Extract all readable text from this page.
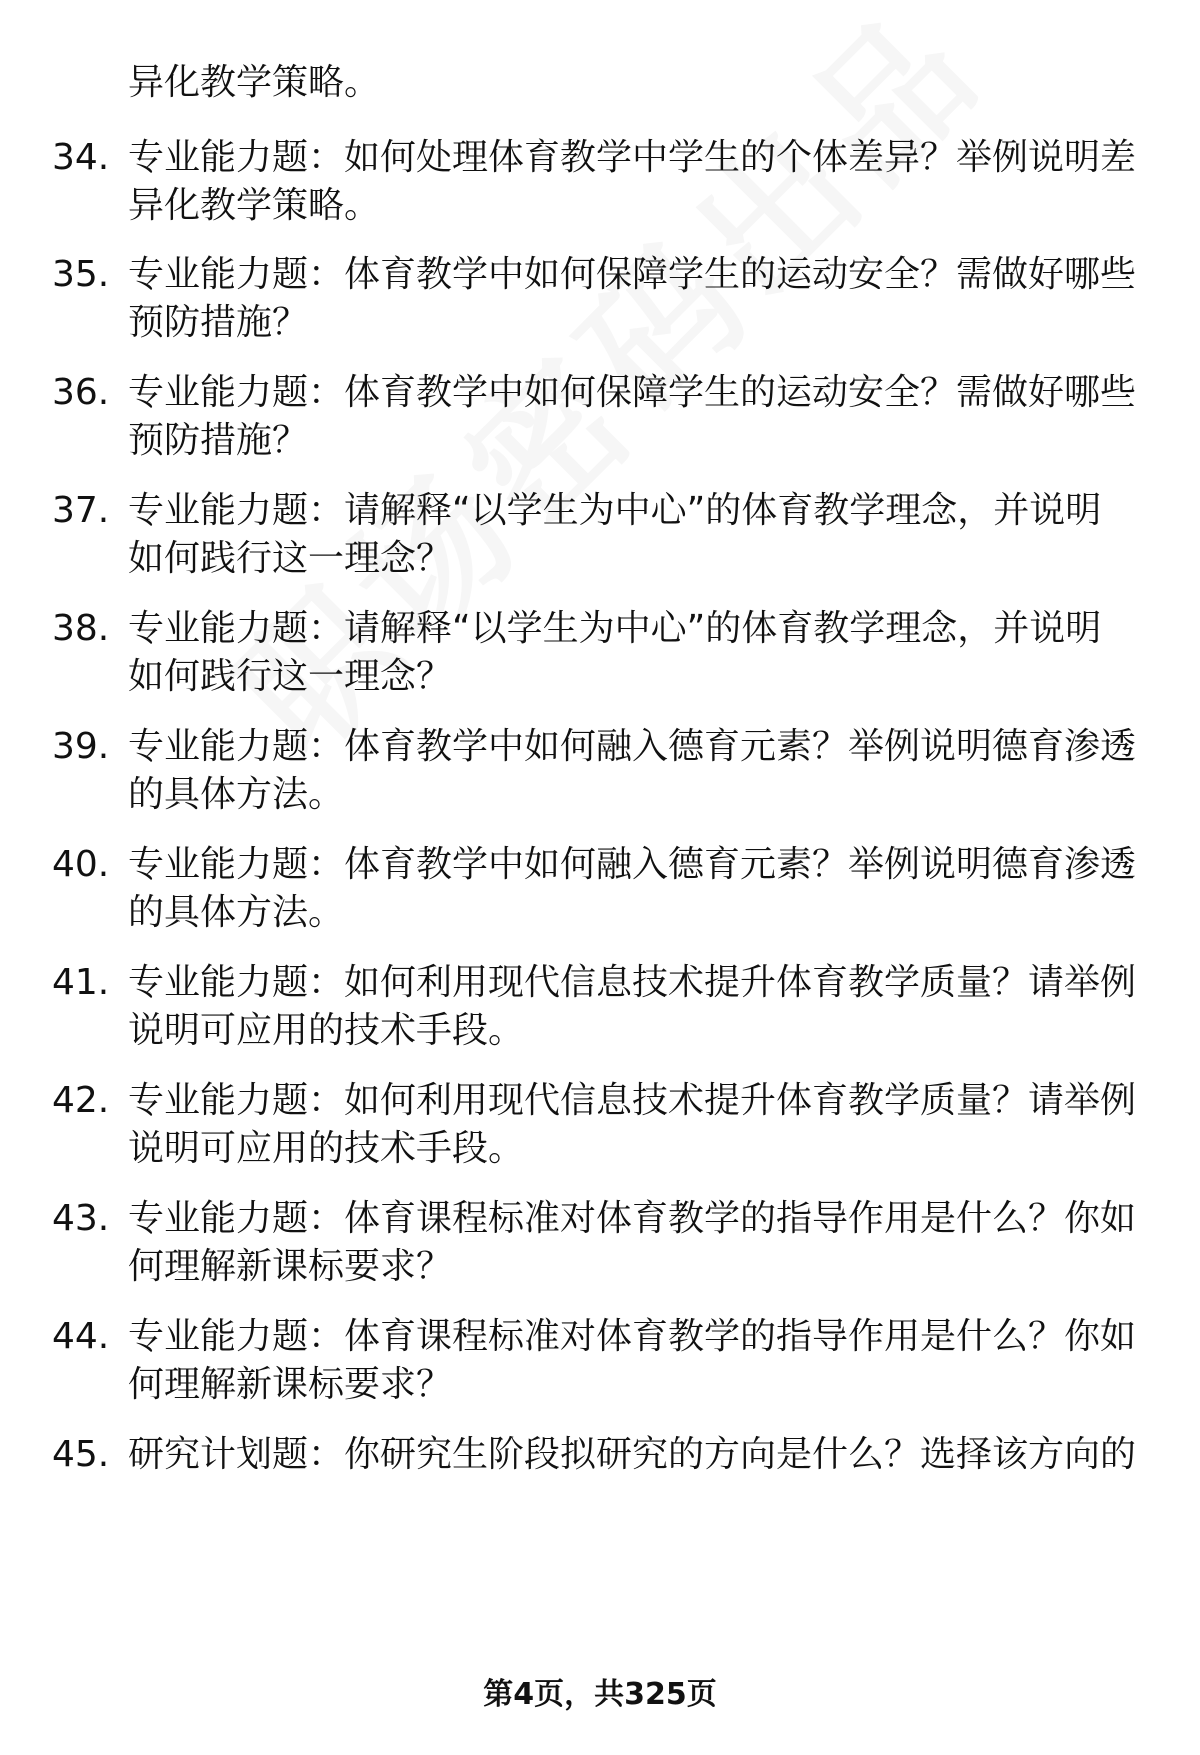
异化教学策略。
34. 专业能力题：如何处理体育教学中学生的个体差异？举例说明差
异化教学策略。
35. 专业能力题：体育教学中如何保障学生的运动安全？需做好哪些
预防措施？
36. 专业能力题：体育教学中如何保障学生的运动安全？需做好哪些
预防措施？
37. 专业能力题：请解释“以学生为中心”的体育教学理念，并说明
如何践行这一理念？
38. 专业能力题：请解释“以学生为中心”的体育教学理念，并说明
如何践行这一理念？
39. 专业能力题：体育教学中如何融入德育元素？举例说明德育渗透
的具体方法。
40. 专业能力题：体育教学中如何融入德育元素？举例说明德育渗透
的具体方法。
41. 专业能力题：如何利用现代信息技术提升体育教学质量？请举例
说明可应用的技术手段。
42. 专业能力题：如何利用现代信息技术提升体育教学质量？请举例
说明可应用的技术手段。
43. 专业能力题：体育课程标准对体育教学的指导作用是什么？你如
何理解新课标要求？
44. 专业能力题：体育课程标准对体育教学的指导作用是什么？你如
何理解新课标要求？
45. 研究计划题：你研究生阶段拟研究的方向是什么？选择该方向的
第4页，共325页
